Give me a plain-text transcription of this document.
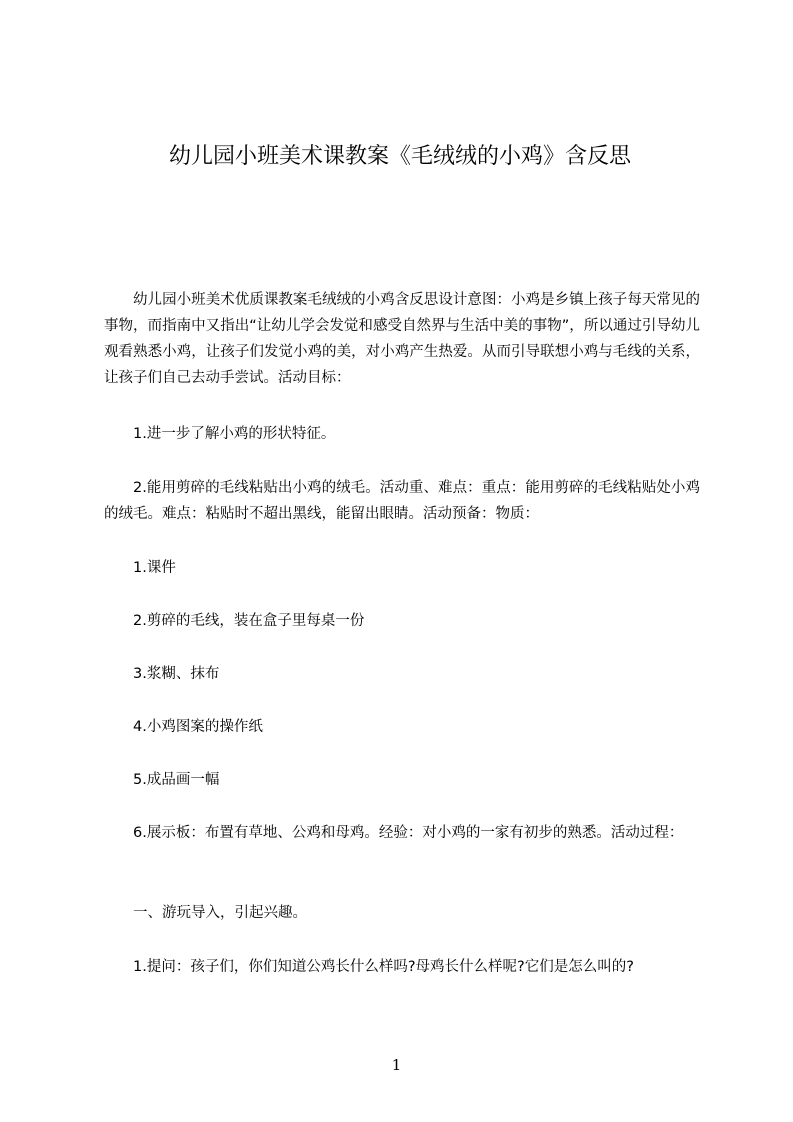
幼儿园小班美术课教案《毛绒绒的小鸡》含反思

幼儿园小班美术优质课教案毛绒绒的小鸡含反思设计意图：小鸡是乡镇上孩子每天常见的事物，而指南中又指出“让幼儿学会发觉和感受自然界与生活中美的事物”，所以通过引导幼儿观看熟悉小鸡，让孩子们发觉小鸡的美，对小鸡产生热爱。从而引导联想小鸡与毛线的关系，让孩子们自己去动手尝试。活动目标：

1.进一步了解小鸡的形状特征。

2.能用剪碎的毛线粘贴出小鸡的绒毛。活动重、难点：重点：能用剪碎的毛线粘贴处小鸡的绒毛。难点：粘贴时不超出黑线，能留出眼睛。活动预备：物质：

1.课件

2.剪碎的毛线，装在盒子里每桌一份

3.浆糊、抹布

4.小鸡图案的操作纸

5.成品画一幅

6.展示板：布置有草地、公鸡和母鸡。经验：对小鸡的一家有初步的熟悉。活动过程：

一、游玩导入，引起兴趣。

1.提问：孩子们，你们知道公鸡长什么样吗?母鸡长什么样呢?它们是怎么叫的?

1
